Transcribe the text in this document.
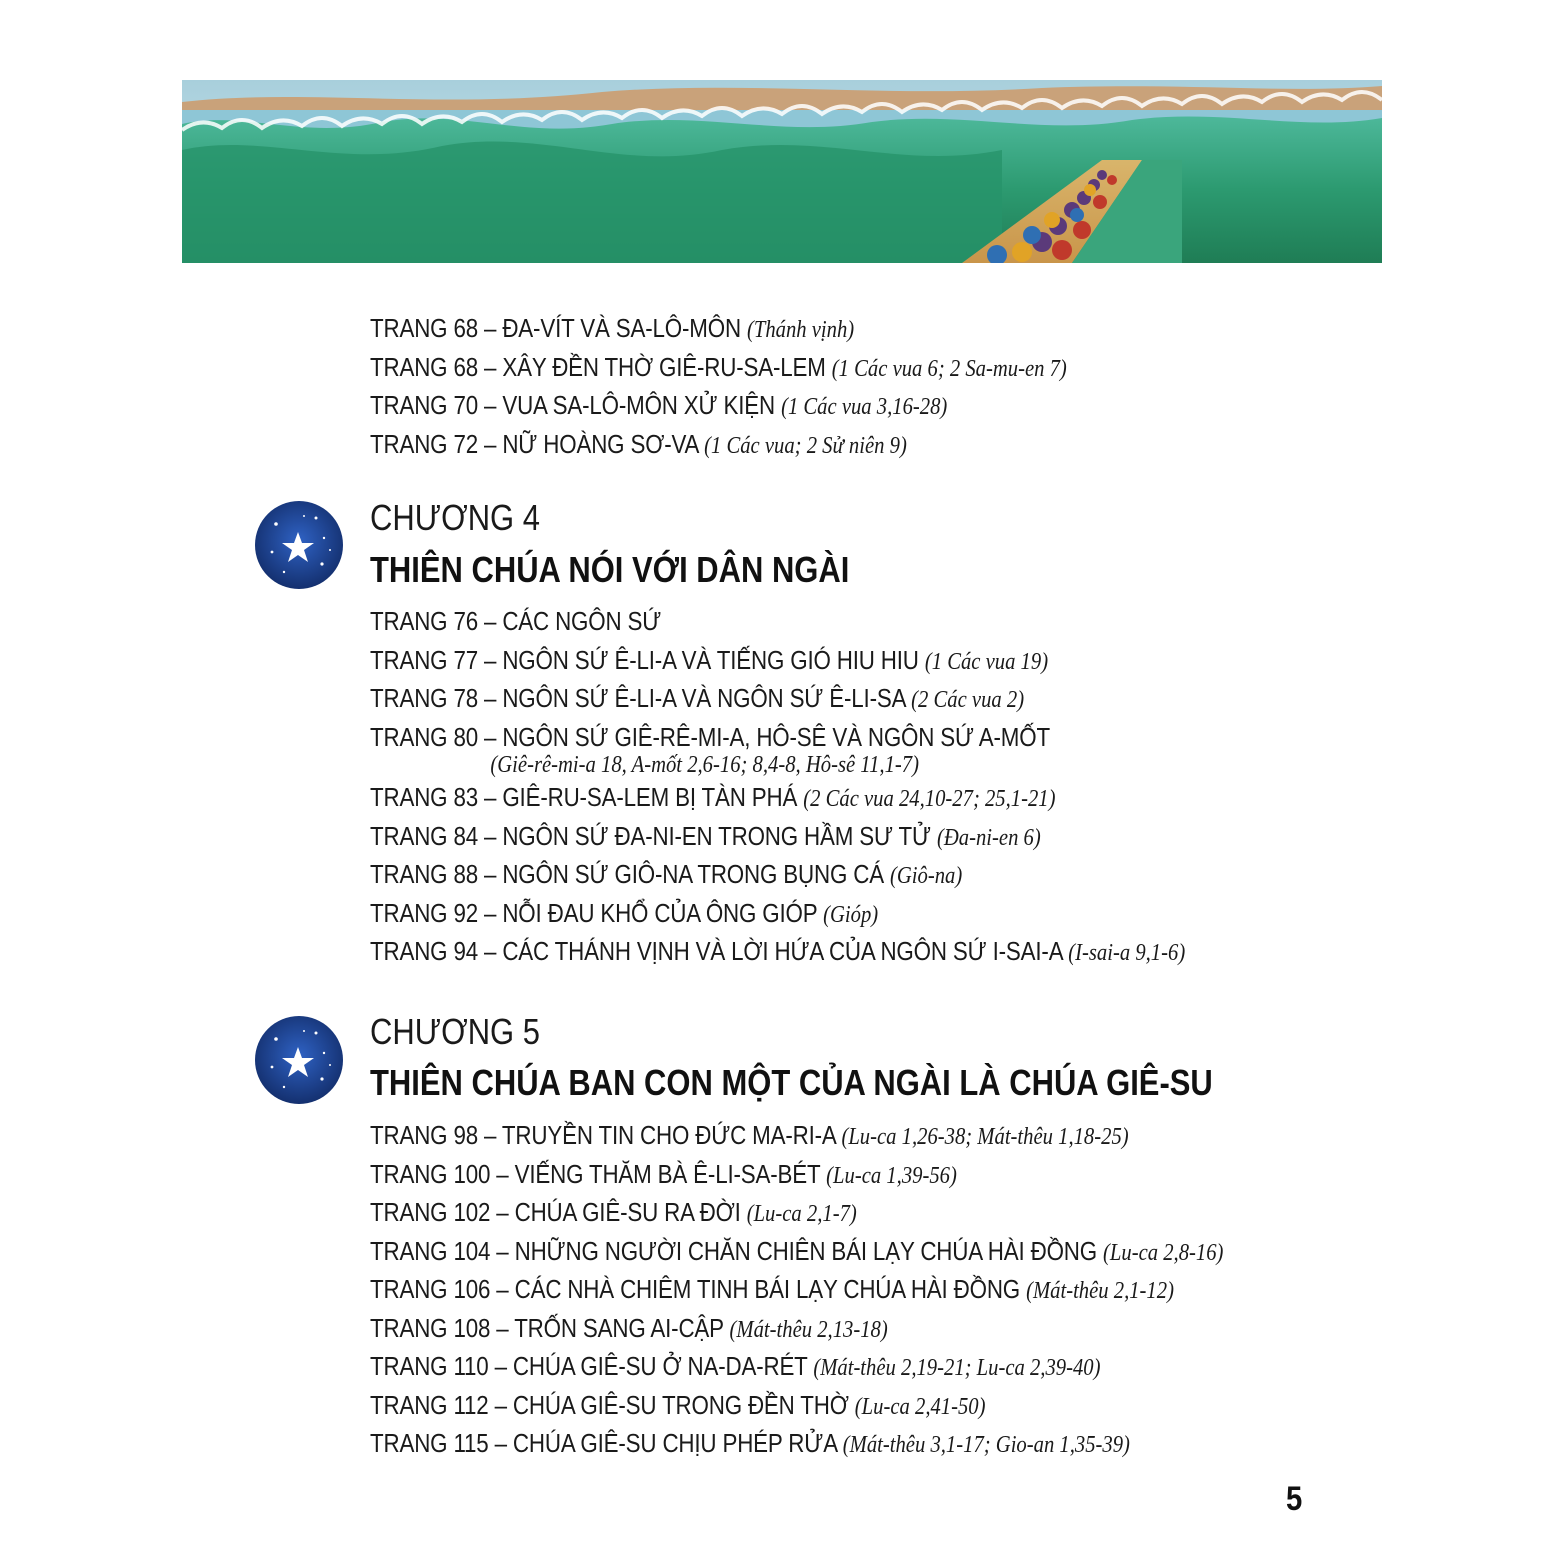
TRANG 68 – ĐA-VÍT VÀ SA-LÔ-MÔN (Thánh vịnh)
TRANG 68 – XÂY ĐỀN THỜ GIÊ-RU-SA-LEM (1 Các vua 6; 2 Sa-mu-en 7)
TRANG 70 – VUA SA-LÔ-MÔN XỬ KIỆN (1 Các vua 3,16-28)
TRANG 72 – NỮ HOÀNG SƠ-VA (1 Các vua; 2 Sử niên 9)
CHƯƠNG 4
THIÊN CHÚA NÓI VỚI DÂN NGÀI
TRANG 76 – CÁC NGÔN SỨ
TRANG 77 – NGÔN SỨ Ê-LI-A VÀ TIẾNG GIÓ HIU HIU (1 Các vua 19)
TRANG 78 – NGÔN SỨ Ê-LI-A VÀ NGÔN SỨ Ê-LI-SA (2 Các vua 2)
TRANG 80 – NGÔN SỨ GIÊ-RÊ-MI-A, HÔ-SÊ VÀ NGÔN SỨ A-MỐT
(Giê-rê-mi-a 18, A-mốt 2,6-16; 8,4-8, Hô-sê 11,1-7)
TRANG 83 – GIÊ-RU-SA-LEM BỊ TÀN PHÁ (2 Các vua 24,10-27; 25,1-21)
TRANG 84 – NGÔN SỨ ĐA-NI-EN TRONG HẦM SƯ TỬ (Đa-ni-en 6)
TRANG 88 – NGÔN SỨ GIÔ-NA TRONG BỤNG CÁ (Giô-na)
TRANG 92 – NỖI ĐAU KHỔ CỦA ÔNG GIÓP (Gióp)
TRANG 94 – CÁC THÁNH VỊNH VÀ LỜI HỨA CỦA NGÔN SỨ I-SAI-A (I-sai-a 9,1-6)
CHƯƠNG 5
THIÊN CHÚA BAN CON MỘT CỦA NGÀI LÀ CHÚA GIÊ-SU
TRANG 98 – TRUYỀN TIN CHO ĐỨC MA-RI-A (Lu-ca 1,26-38; Mát-thêu 1,18-25)
TRANG 100 – VIẾNG THĂM BÀ Ê-LI-SA-BÉT (Lu-ca 1,39-56)
TRANG 102 – CHÚA GIÊ-SU RA ĐỜI (Lu-ca 2,1-7)
TRANG 104 – NHỮNG NGƯỜI CHĂN CHIÊN BÁI LẠY CHÚA HÀI ĐỒNG (Lu-ca 2,8-16)
TRANG 106 – CÁC NHÀ CHIÊM TINH BÁI LẠY CHÚA HÀI ĐỒNG (Mát-thêu 2,1-12)
TRANG 108 – TRỐN SANG AI-CẬP (Mát-thêu 2,13-18)
TRANG 110 – CHÚA GIÊ-SU Ở NA-DA-RÉT (Mát-thêu 2,19-21; Lu-ca 2,39-40)
TRANG 112 – CHÚA GIÊ-SU TRONG ĐỀN THỜ (Lu-ca 2,41-50)
TRANG 115 – CHÚA GIÊ-SU CHỊU PHÉP RỬA (Mát-thêu 3,1-17; Gio-an 1,35-39)
5
